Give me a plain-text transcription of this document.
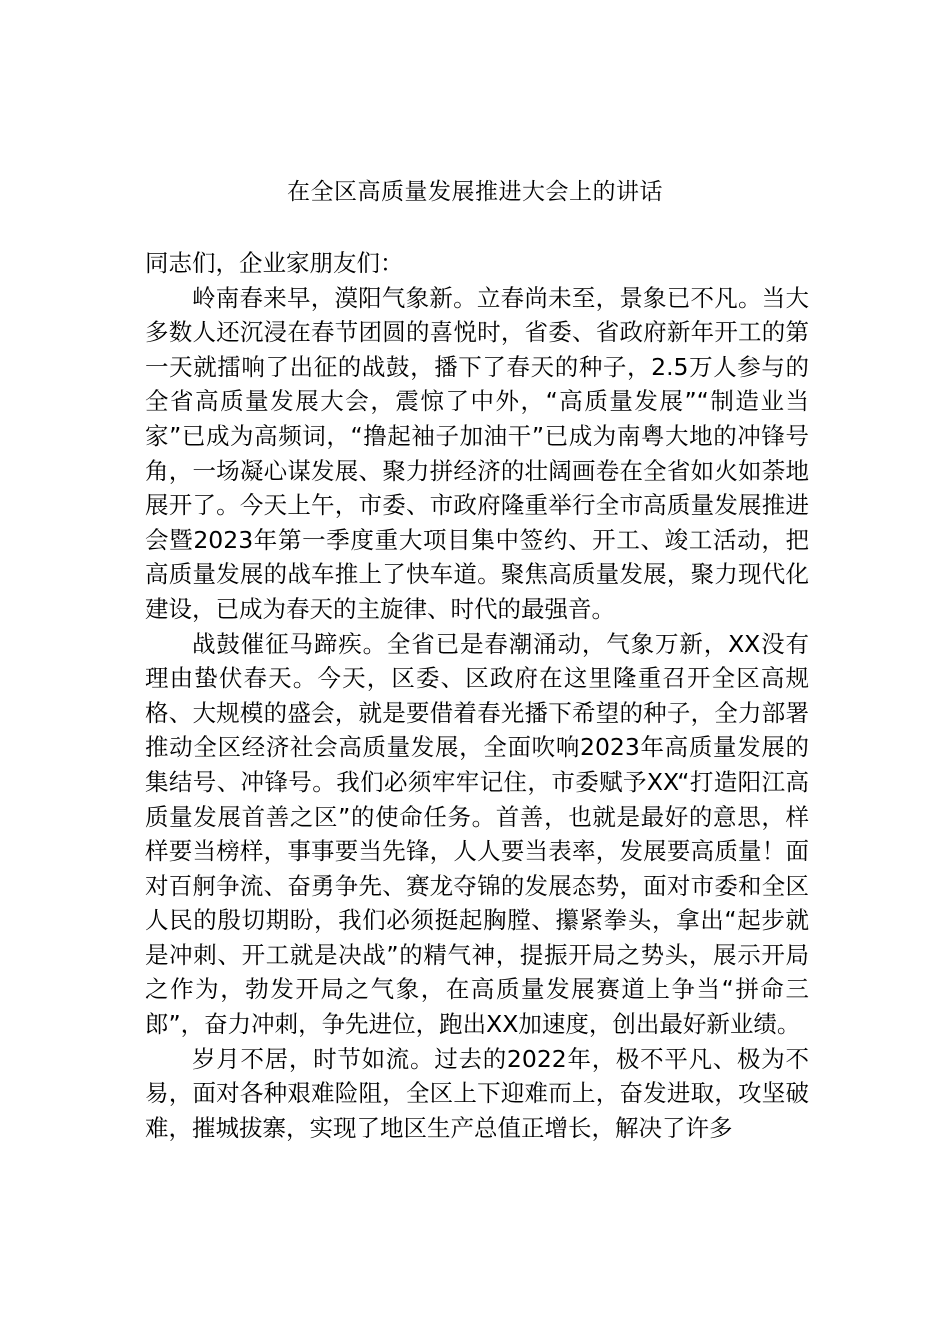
在全区高质量发展推进大会上的讲话

同志们，企业家朋友们：

岭南春来早，漠阳气象新。立春尚未至，景象已不凡。当大多数人还沉浸在春节团圆的喜悦时，省委、省政府新年开工的第一天就擂响了出征的战鼓，播下了春天的种子，2.5万人参与的全省高质量发展大会，震惊了中外，“高质量发展”“制造业当家”已成为高频词，“撸起袖子加油干”已成为南粤大地的冲锋号角，一场凝心谋发展、聚力拼经济的壮阔画卷在全省如火如荼地展开了。今天上午，市委、市政府隆重举行全市高质量发展推进会暨2023年第一季度重大项目集中签约、开工、竣工活动，把高质量发展的战车推上了快车道。聚焦高质量发展，聚力现代化建设，已成为春天的主旋律、时代的最强音。

战鼓催征马蹄疾。全省已是春潮涌动，气象万新，XX没有理由蛰伏春天。今天，区委、区政府在这里隆重召开全区高规格、大规模的盛会，就是要借着春光播下希望的种子，全力部署推动全区经济社会高质量发展，全面吹响2023年高质量发展的集结号、冲锋号。我们必须牢牢记住，市委赋予XX“打造阳江高质量发展首善之区”的使命任务。首善，也就是最好的意思，样样要当榜样，事事要当先锋，人人要当表率，发展要高质量！面对百舸争流、奋勇争先、赛龙夺锦的发展态势，面对市委和全区人民的殷切期盼，我们必须挺起胸膛、攥紧拳头，拿出“起步就是冲刺、开工就是决战”的精气神，提振开局之势头，展示开局之作为，勃发开局之气象，在高质量发展赛道上争当“拼命三郎”，奋力冲刺，争先进位，跑出XX加速度，创出最好新业绩。

岁月不居，时节如流。过去的2022年，极不平凡、极为不易，面对各种艰难险阻，全区上下迎难而上，奋发进取，攻坚破难，摧城拔寨，实现了地区生产总值正增长，解决了许多
